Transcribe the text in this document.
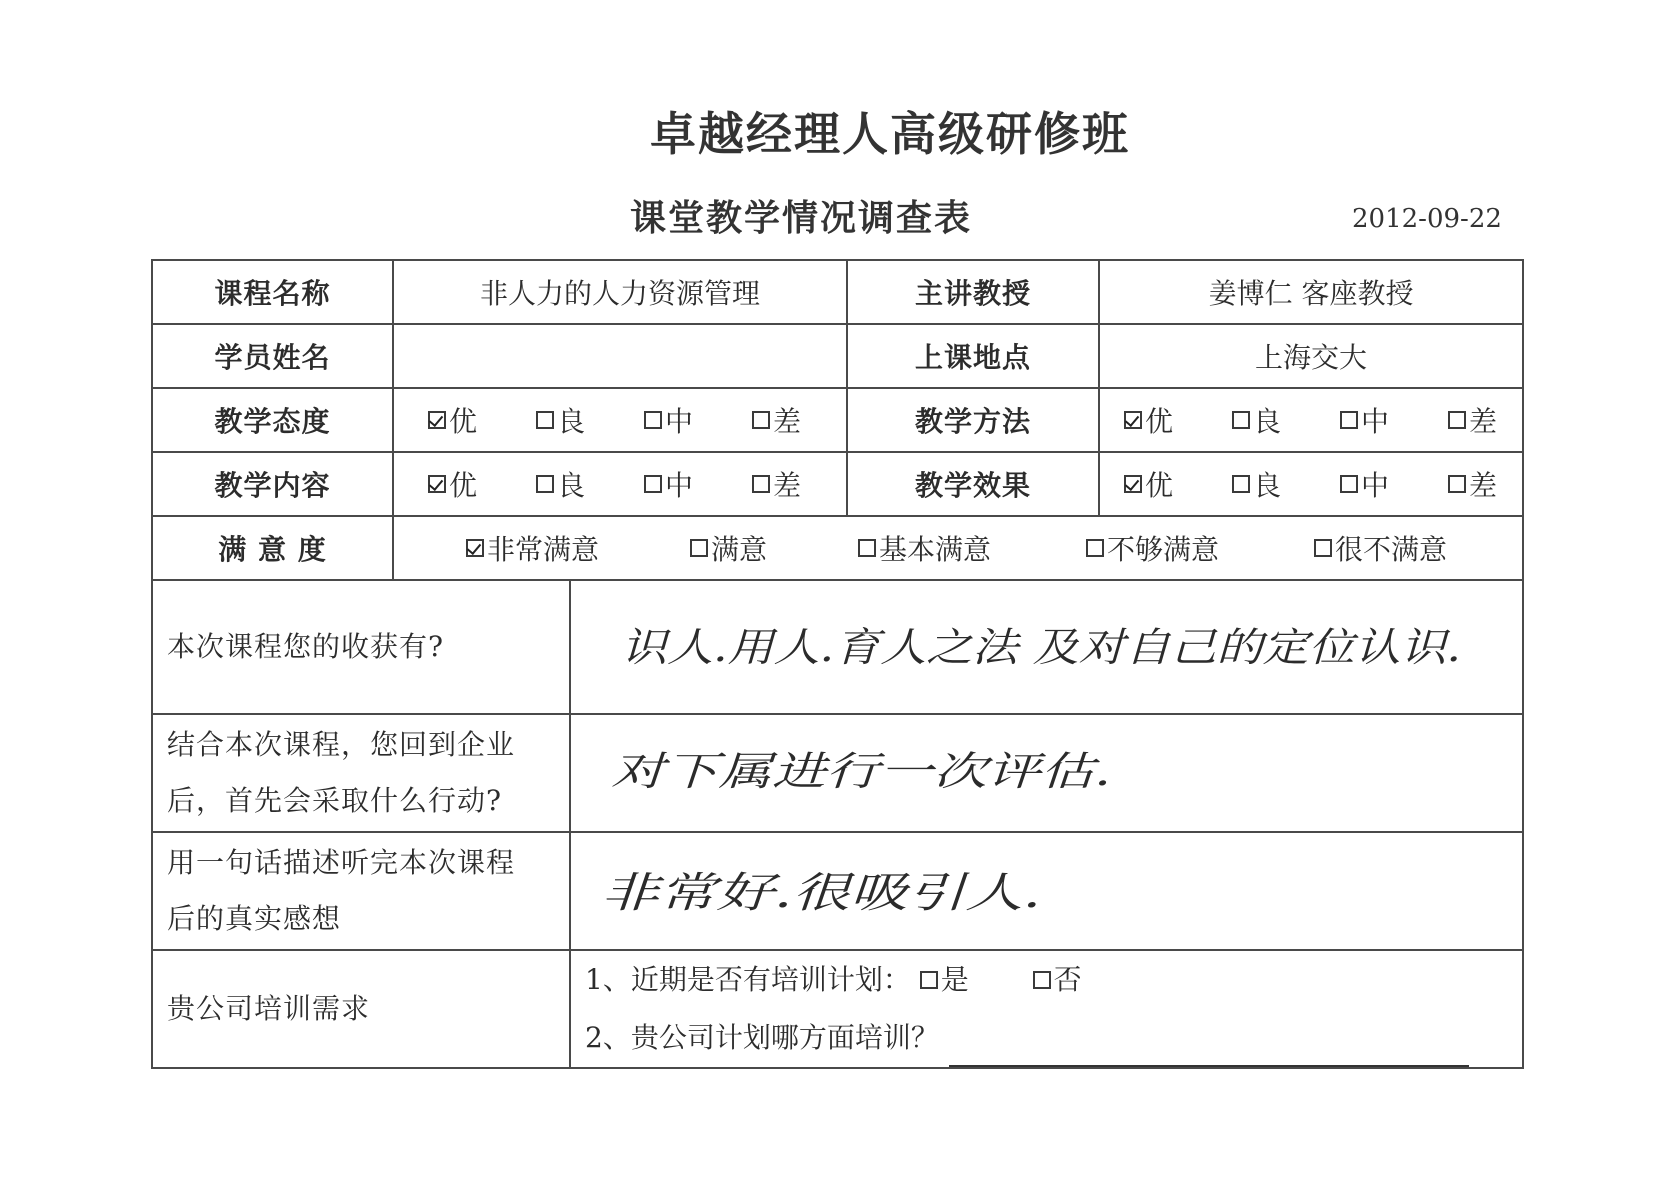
卓越经理人高级研修班
课堂教学情况调查表	2012-09-22
课程名称	非人力的人力资源管理		主讲教授	姜博仁 客座教授
学员姓名			上课地点	上海交大
教学态度	优 良 中 差		教学方法	优 良 中 差

教学内容	优 良 中 差		教学效果	优 良 中 差

满 意 度	非常满意 满意 基本满意 不够满意 很不满意			

本次课程您的收获有?		识人.用人.育人之法 及对自己的定位认识.		

结合本次课程，您回到企业
后，首先会采取什么行动?		对下属进行一次评估.		

用一句话描述听完本次课程
后的真实感想		非常好.很吸引人.		

贵公司培训需求		1、近期是否有培训计划： 是
否
2、贵公司计划哪方面培训？		
